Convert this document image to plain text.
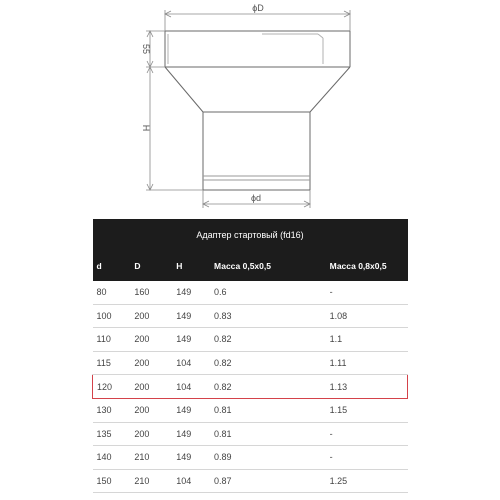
ϕD
ϕd
55
H
Адаптер стартовый (fd16)				
d	D	H	Масса 0,5х0,5	Масса 0,8х0,5
80	160	149	0.6	-
100	200	149	0.83	1.08
110	200	149	0.82	1.1
115	200	104	0.82	1.11
120	200	104	0.82	1.13
130	200	149	0.81	1.15
135	200	149	0.81	-
140	210	149	0.89	-
150	210	104	0.87	1.25
